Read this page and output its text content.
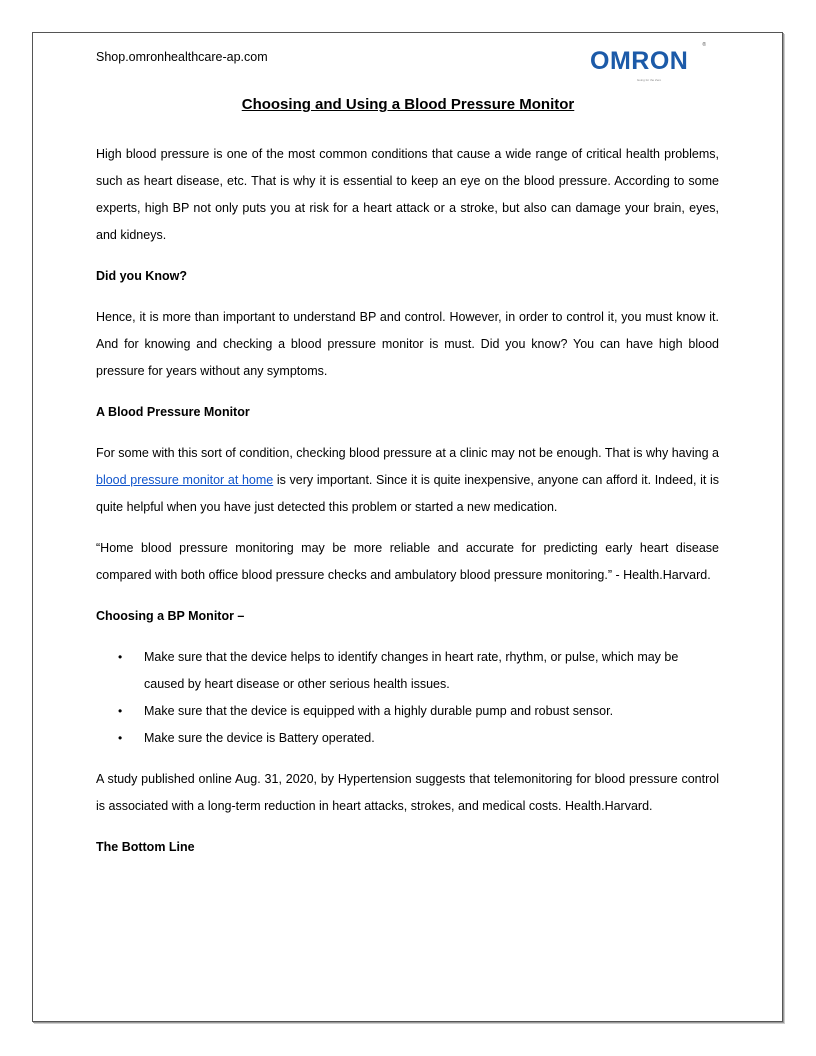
Shop.omronhealthcare-ap.com	OMRON
®
Going for the Zero
Choosing and Using a Blood Pressure Monitor

High blood pressure is one of the most common conditions that cause a wide range of critical health problems, such as heart disease, etc. That is why it is essential to keep an eye on the blood pressure. According to some experts, high BP not only puts you at risk for a heart attack or a stroke, but also can damage your brain, eyes, and kidneys.

Did you Know?

Hence, it is more than important to understand BP and control. However, in order to control it, you must know it. And for knowing and checking a blood pressure monitor is must. Did you know? You can have high blood pressure for years without any symptoms.

A Blood Pressure Monitor

For some with this sort of condition, checking blood pressure at a clinic may not be enough. That is why having a blood pressure monitor at home is very important. Since it is quite inexpensive, anyone can afford it. Indeed, it is quite helpful when you have just detected this problem or started a new medication.

“Home blood pressure monitoring may be more reliable and accurate for predicting early heart disease compared with both office blood pressure checks and ambulatory blood pressure monitoring.” - Health.Harvard.

Choosing a BP Monitor –

• Make sure that the device helps to identify changes in heart rate, rhythm, or pulse, which may be caused by heart disease or other serious health issues.
• Make sure that the device is equipped with a highly durable pump and robust sensor.
• Make sure the device is Battery operated.

A study published online Aug. 31, 2020, by Hypertension suggests that telemonitoring for blood pressure control is associated with a long-term reduction in heart attacks, strokes, and medical costs. Health.Harvard.

The Bottom Line
